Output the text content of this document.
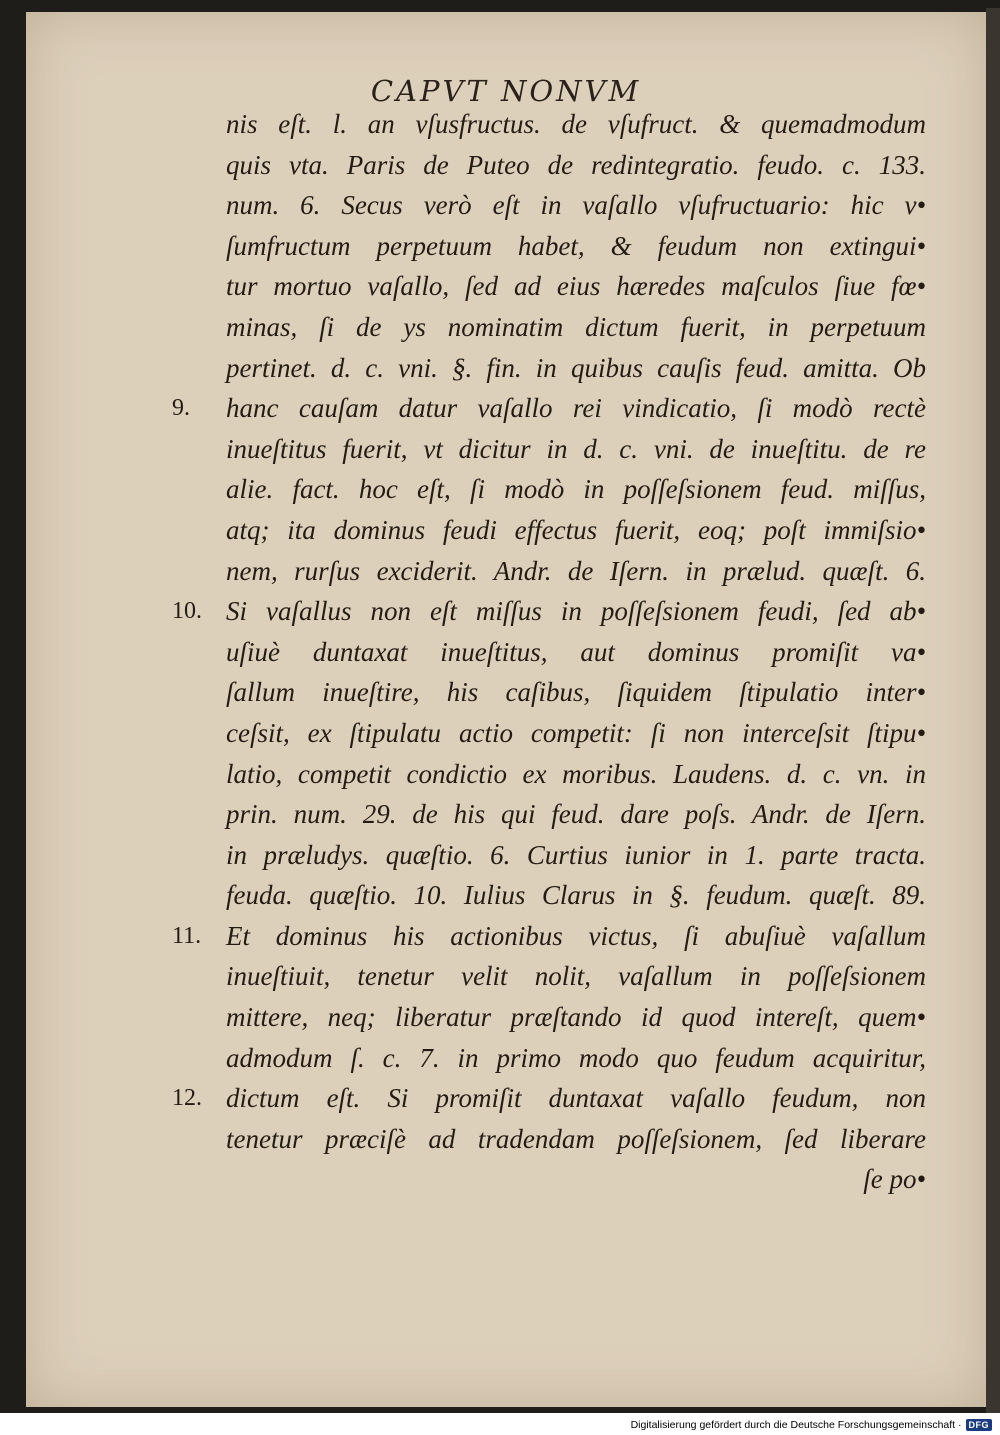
CAPVT NONVM
nis eſt. l. an vſusfructus. de vſufruct. & quemadmodum
quis vta. Paris de Puteo de redintegratio. feudo. c. 133.
num. 6. Secus verò eſt in vaſallo vſufructuario: hic v•
ſumfructum perpetuum habet, & feudum non extingui•
tur mortuo vaſallo, ſed ad eius hæredes maſculos ſiue fœ•
minas, ſi de ys nominatim dictum fuerit, in perpetuum
pertinet. d. c. vni. §. fin. in quibus cauſis feud. amitta. Ob
9. hanc cauſam datur vaſallo rei vindicatio, ſi modò rectè
inueſtitus fuerit, vt dicitur in d. c. vni. de inueſtitu. de re
alie. fact. hoc eſt, ſi modò in poſſeſsionem feud. miſſus,
atq; ita dominus feudi effectus fuerit, eoq; poſt immiſsio•
nem, rurſus exciderit. Andr. de Iſern. in prælud. quæſt. 6.
10. Si vaſallus non eſt miſſus in poſſeſsionem feudi, ſed ab•
uſiuè duntaxat inueſtitus, aut dominus promiſit va•
ſallum inueſtire, his caſibus, ſiquidem ſtipulatio inter•
ceſsit, ex ſtipulatu actio competit: ſi non interceſsit ſtipu•
latio, competit condictio ex moribus. Laudens. d. c. vn. in
prin. num. 29. de his qui feud. dare poſs. Andr. de Iſern.
in præludys. quæſtio. 6. Curtius iunior in 1. parte tracta.
feuda. quæſtio. 10. Iulius Clarus in §. feudum. quæſt. 89.
11. Et dominus his actionibus victus, ſi abuſiuè vaſallum
inueſtiuit, tenetur velit nolit, vaſallum in poſſeſsionem
mittere, neq; liberatur præſtando id quod intereſt, quem•
admodum ſ. c. 7. in primo modo quo feudum acquiritur,
12. dictum eſt. Si promiſit duntaxat vaſallo feudum, non
tenetur præciſè ad tradendam poſſeſsionem, ſed liberare
ſe po•
Digitalisierung gefördert durch die Deutsche Forschungsgemeinschaft · DFG
